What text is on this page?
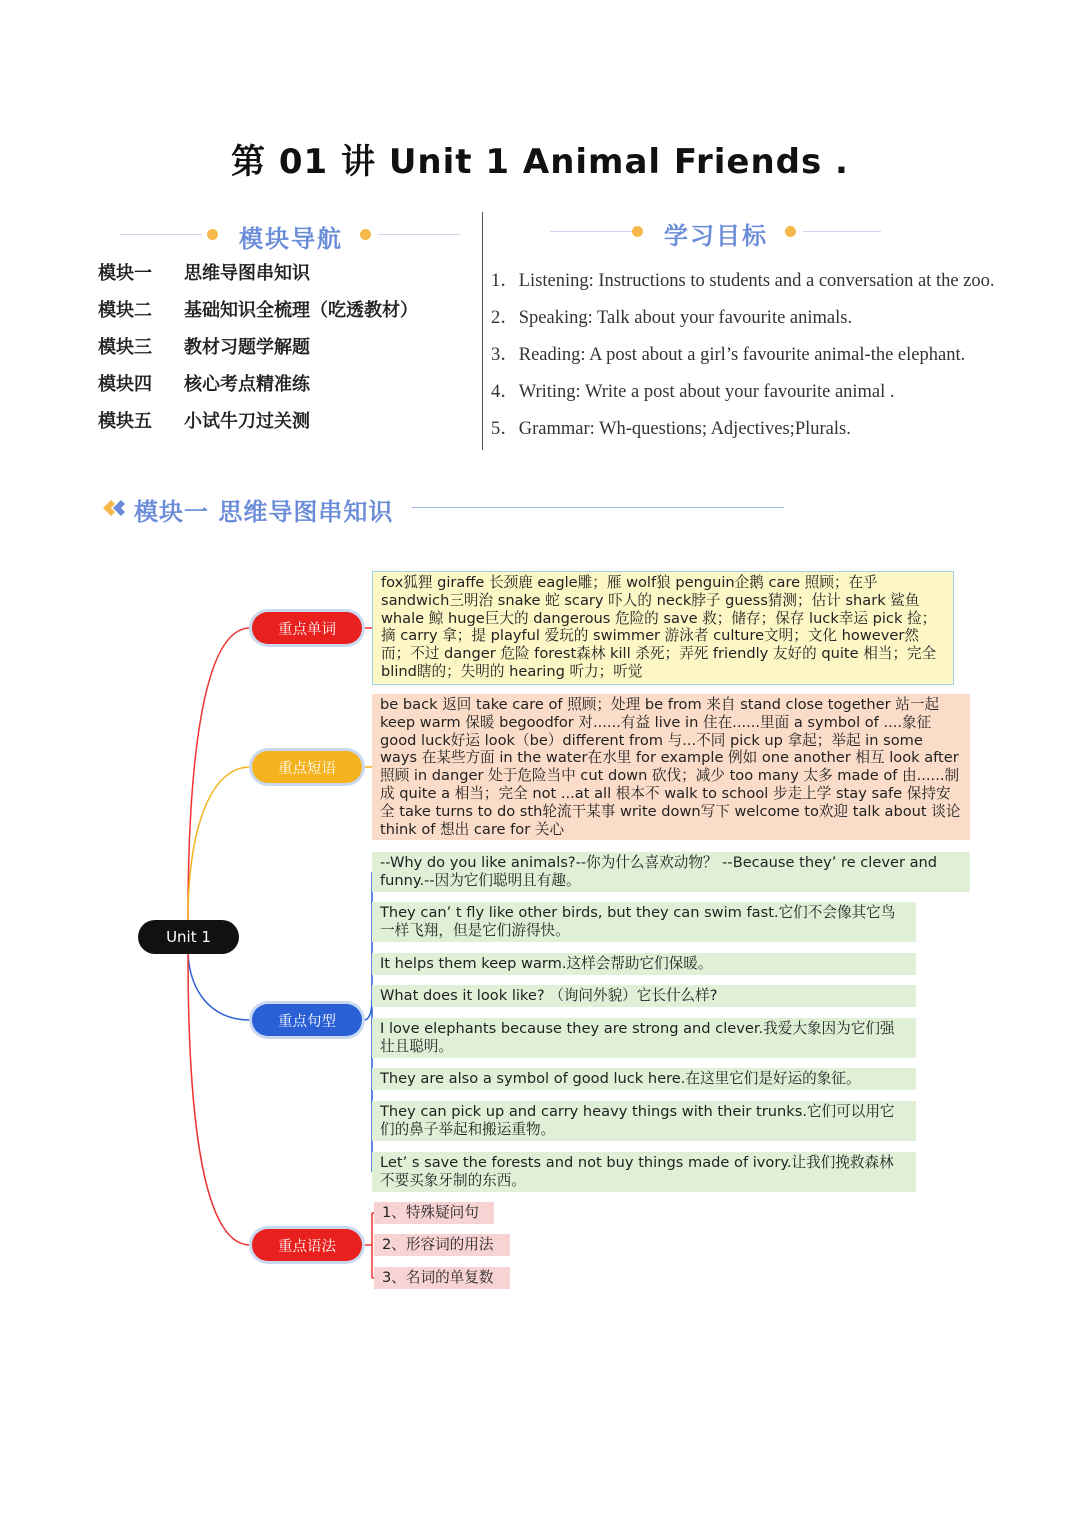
第 01 讲 Unit 1 Animal Friends .
模块导航
模块一 思维导图串知识
模块二 基础知识全梳理（吃透教材）
模块三 教材习题学解题
模块四 核心考点精准练
模块五 小试牛刀过关测
学习目标
1．Listening: Instructions to students and a conversation at the zoo.
2．Speaking: Talk about your favourite animals.
3．Reading: A post about a girl’s favourite animal-the elephant.
4．Writing: Write a post about your favourite animal .
5．Grammar: Wh-questions; Adjectives;Plurals.
模块一 思维导图串知识
Unit 1
重点单词
重点短语
重点句型
重点语法
fox狐狸 giraffe 长颈鹿 eagle雕；雁 wolf狼 penguin企鹅 care 照顾；在乎 sandwich三明治 snake 蛇 scary 吓人的 neck脖子 guess猜测；估计 shark 鲨鱼 whale 鲸 huge巨大的 dangerous 危险的 save 救；储存；保存 luck幸运 pick 捡；摘 carry 拿；提 playful 爱玩的 swimmer 游泳者 culture文明；文化 however然而；不过 danger 危险 forest森林 kill 杀死；弄死 friendly 友好的 quite 相当；完全 blind瞎的；失明的 hearing 听力；听觉
be back 返回 take care of 照顾；处理 be from 来自 stand close together 站一起 keep warm 保暖 begoodfor 对......有益 live in 住在......里面 a symbol of ....象征 good luck好运 look（be）different from 与...不同 pick up 拿起；举起 in some ways 在某些方面 in the water在水里 for example 例如 one another 相互 look after 照顾 in danger 处于危险当中 cut down 砍伐；减少 too many 太多 made of 由......制成 quite a 相当；完全 not ...at all 根本不 walk to school 步走上学 stay safe 保持安全 take turns to do sth轮流干某事 write down写下 welcome to欢迎 talk about 谈论 think of 想出 care for 关心
--Why do you like animals?--你为什么喜欢动物？ --Because they’ re clever and funny.--因为它们聪明且有趣。
They can’ t fly like other birds, but they can swim fast.它们不会像其它鸟一样飞翔，但是它们游得快。
It helps them keep warm.这样会帮助它们保暖。
What does it look like? （询问外貌）它长什么样?
I love elephants because they are strong and clever.我爱大象因为它们强壮且聪明。
They are also a symbol of good luck here.在这里它们是好运的象征。
They can pick up and carry heavy things with their trunks.它们可以用它们的鼻子举起和搬运重物。
Let’ s save the forests and not buy things made of ivory.让我们挽救森林不要买象牙制的东西。
1、特殊疑问句
2、形容词的用法
3、名词的单复数
